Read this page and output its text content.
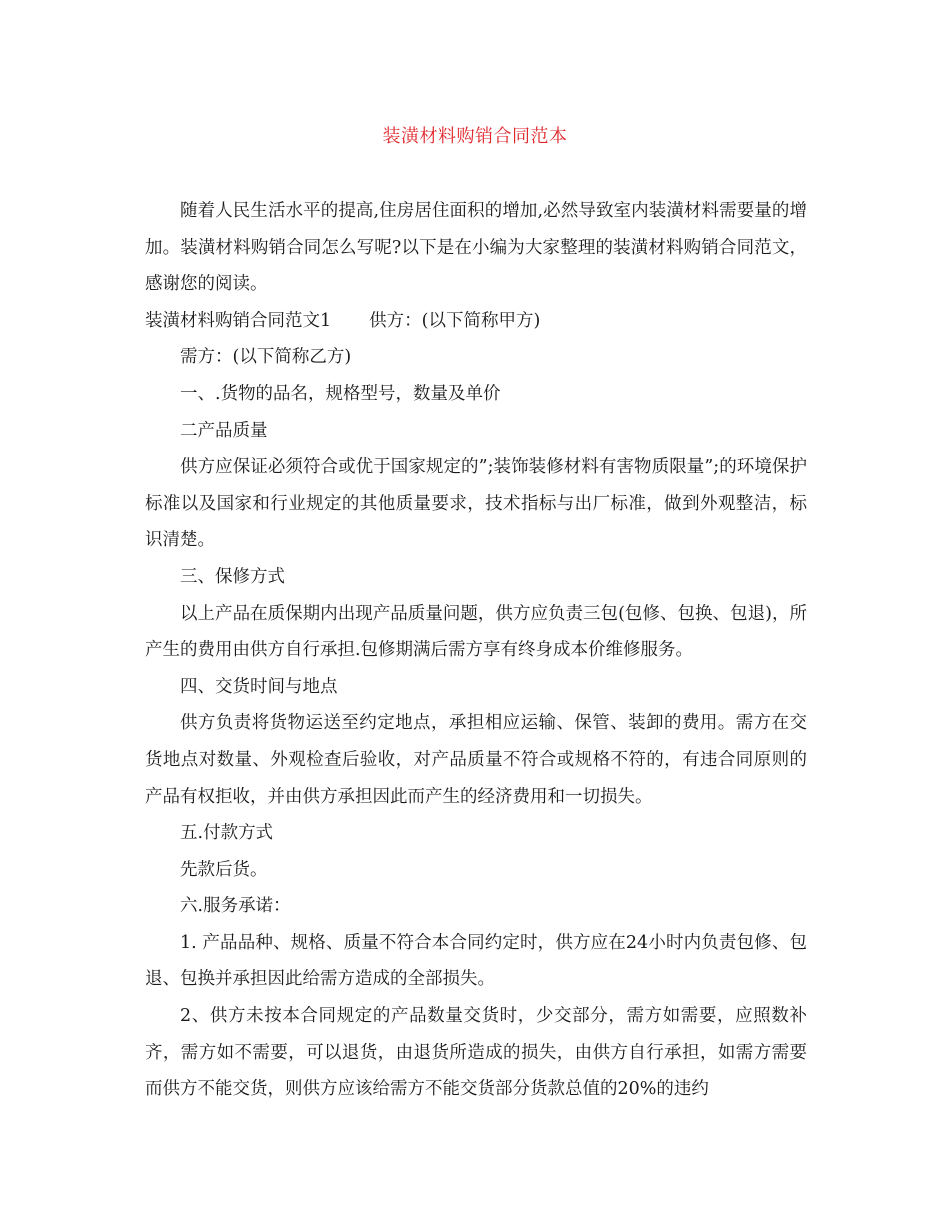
装潢材料购销合同范本

随着人民生活水平的提高,住房居住面积的增加,必然导致室内装潢材料需要量的增加。装潢材料购销合同怎么写呢?以下是在小编为大家整理的装潢材料购销合同范文，感谢您的阅读。

装潢材料购销合同范文1 供方：(以下简称甲方)

需方：(以下简称乙方)

一、.货物的品名，规格型号，数量及单价

二产品质量

供方应保证必须符合或优于国家规定的”;装饰装修材料有害物质限量”;的环境保护标准以及国家和行业规定的其他质量要求，技术指标与出厂标准，做到外观整洁，标识清楚。

三、保修方式

以上产品在质保期内出现产品质量问题，供方应负责三包(包修、包换、包退)，所产生的费用由供方自行承担.包修期满后需方享有终身成本价维修服务。

四、交货时间与地点

供方负责将货物运送至约定地点，承担相应运输、保管、装卸的费用。需方在交货地点对数量、外观检查后验收，对产品质量不符合或规格不符的，有违合同原则的产品有权拒收，并由供方承担因此而产生的经济费用和一切损失。

五.付款方式

先款后货。

六.服务承诺：

1. 产品品种、规格、质量不符合本合同约定时，供方应在24小时内负责包修、包退、包换并承担因此给需方造成的全部损失。

2、供方未按本合同规定的产品数量交货时，少交部分，需方如需要，应照数补齐，需方如不需要，可以退货，由退货所造成的损失，由供方自行承担，如需方需要而供方不能交货，则供方应该给需方不能交货部分货款总值的20%的违约
